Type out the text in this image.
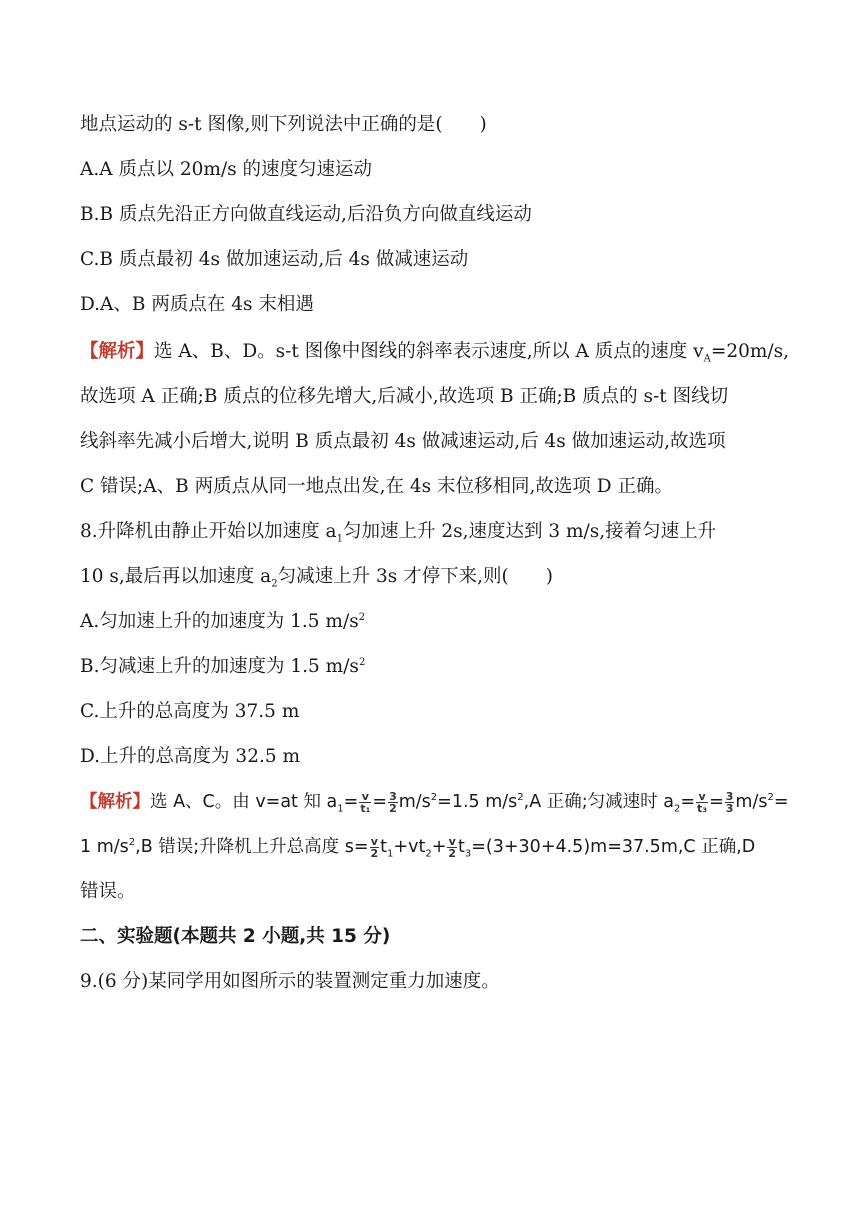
地点运动的 s-t 图像,则下列说法中正确的是(　　)
A.A 质点以 20m/s 的速度匀速运动
B.B 质点先沿正方向做直线运动,后沿负方向做直线运动
C.B 质点最初 4s 做加速运动,后 4s 做减速运动
D.A、B 两质点在 4s 末相遇
【解析】选 A、B、D。s-t 图像中图线的斜率表示速度,所以 A 质点的速度 $v_A=20m/s$,
故选项 A 正确;B 质点的位移先增大,后减小,故选项 B 正确;B 质点的 s-t 图线切
线斜率先减小后增大,说明 B 质点最初 4s 做减速运动,后 4s 做加速运动,故选项
C 错误;A、B 两质点从同一地点出发,在 4s 末位移相同,故选项 D 正确。
8.升降机由静止开始以加速度 $a_1$匀加速上升 2s,速度达到 3 m/s,接着匀速上升
10 s,最后再以加速度 $a_2$匀减速上升 3s 才停下来,则(　　)
A.匀加速上升的加速度为 1.5 $m/s^2$
B.匀减速上升的加速度为 1.5 $m/s^2$
C.上升的总高度为 37.5 m
D.上升的总高度为 32.5 m
【解析】选 A、C。由 v=at 知 $a_1= \frac{v}{\text{t₁}} = \frac{3}{2} m/s^2=1.5$ $m/s^2,A$ 正确;匀减速时 $a_2= \frac{v}{\text{t₃}} = \frac{3}{3} m/s^2=$
1 $m/s^2,B$ 错误;升降机上升总高度 $s= \frac{v}{2} t_1+vt_2+ \frac{v}{2} t_3=(3+30+4.5)m=37.5m,C$ 正确,D
错误。
二、实验题(本题共 2 小题,共 15 分)
9.(6 分)某同学用如图所示的装置测定重力加速度。
